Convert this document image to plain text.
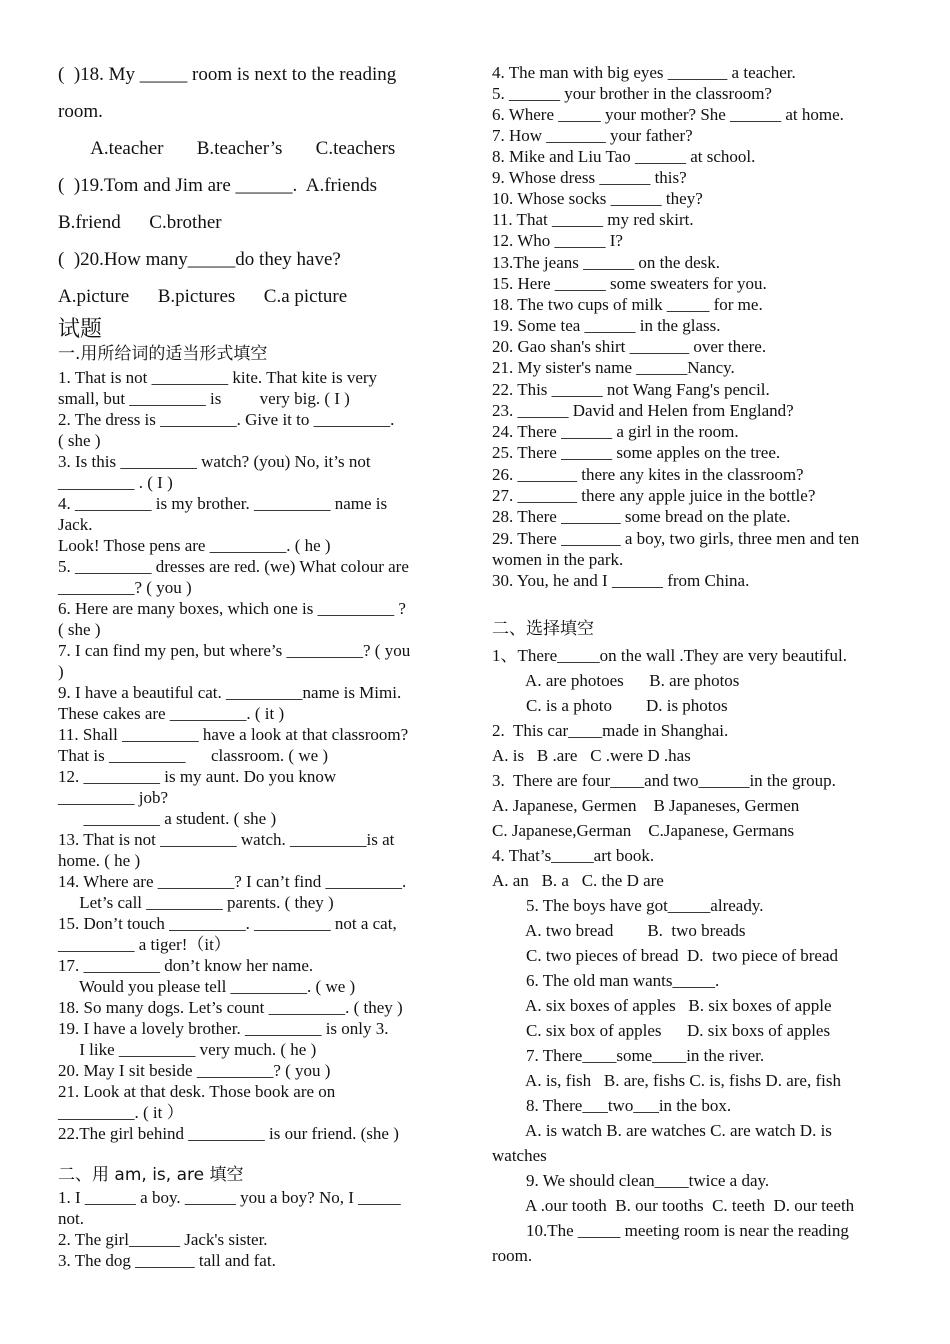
(  )18. My _____ room is next to the reading
room.
A.teacher       B.teacher’s       C.teachers
(  )19.Tom and Jim are ______.  A.friends
B.friend      C.brother
(  )20.How many_____do they have?
A.picture      B.pictures      C.a picture
试题
一.用所给词的适当形式填空
1. That is not _________ kite. That kite is very
small, but _________ is         very big. ( I )
2. The dress is _________. Give it to _________.
( she )
3. Is this _________ watch? (you) No, it’s not
_________ . ( I )
4. _________ is my brother. _________ name is
Jack.
Look! Those pens are _________. ( he )
5. _________ dresses are red. (we) What colour are
_________? ( you )
6. Here are many boxes, which one is _________ ?
( she )
7. I can find my pen, but where’s _________? ( you
)
9. I have a beautiful cat. _________name is Mimi.
These cakes are _________. ( it )
11. Shall _________ have a look at that classroom?
That is _________      classroom. ( we )
12. _________ is my aunt. Do you know
_________ job?
_________ a student. ( she )
13. That is not _________ watch. _________is at
home. ( he )
14. Where are _________? I can’t find _________.
Let’s call _________ parents. ( they )
15. Don’t touch _________. _________ not a cat,
_________ a tiger!（it）
17. _________ don’t know her name.
Would you please tell _________. ( we )
18. So many dogs. Let’s count _________. ( they )
19. I have a lovely brother. _________ is only 3.
I like _________ very much. ( he )
20. May I sit beside _________? ( you )
21. Look at that desk. Those book are on
_________. ( it ）
22.The girl behind _________ is our friend. (she )
二、用 am, is, are 填空
1. I ______ a boy. ______ you a boy? No, I _____
not.
2. The girl______ Jack's sister.
3. The dog _______ tall and fat.
4. The man with big eyes _______ a teacher.
5. ______ your brother in the classroom?
6. Where _____ your mother? She ______ at home.
7. How _______ your father?
8. Mike and Liu Tao ______ at school.
9. Whose dress ______ this?
10. Whose socks ______ they?
11. That ______ my red skirt.
12. Who ______ I?
13.The jeans ______ on the desk.
15. Here ______ some sweaters for you.
18. The two cups of milk _____ for me.
19. Some tea ______ in the glass.
20. Gao shan's shirt _______ over there.
21. My sister's name ______Nancy.
22. This ______ not Wang Fang's pencil.
23. ______ David and Helen from England?
24. There ______ a girl in the room.
25. There ______ some apples on the tree.
26. _______ there any kites in the classroom?
27. _______ there any apple juice in the bottle?
28. There _______ some bread on the plate.
29. There _______ a boy, two girls, three men and ten
women in the park.
30. You, he and I ______ from China.
二、选择填空
1、There_____on the wall .They are very beautiful.
A. are photoes      B. are photos
C. is a photo        D. is photos
2.  This car____made in Shanghai.
A. is   B .are   C .were D .has
3.  There are four____and two______in the group.
A. Japanese, Germen    B Japaneses, Germen
C. Japanese,German    C.Japanese, Germans
4. That’s_____art book.
A. an   B. a   C. the D are
5. The boys have got_____already.
A. two bread        B.  two breads
C. two pieces of bread  D.  two piece of bread
6. The old man wants_____.
A. six boxes of apples   B. six boxes of apple
C. six box of apples      D. six boxs of apples
7. There____some____in the river.
A. is, fish   B. are, fishs C. is, fishs D. are, fish
8. There___two___in the box.
A. is watch B. are watches C. are watch D. is
watches
9. We should clean____twice a day.
A .our tooth  B. our tooths  C. teeth  D. our teeth
10.The _____ meeting room is near the reading
room.
